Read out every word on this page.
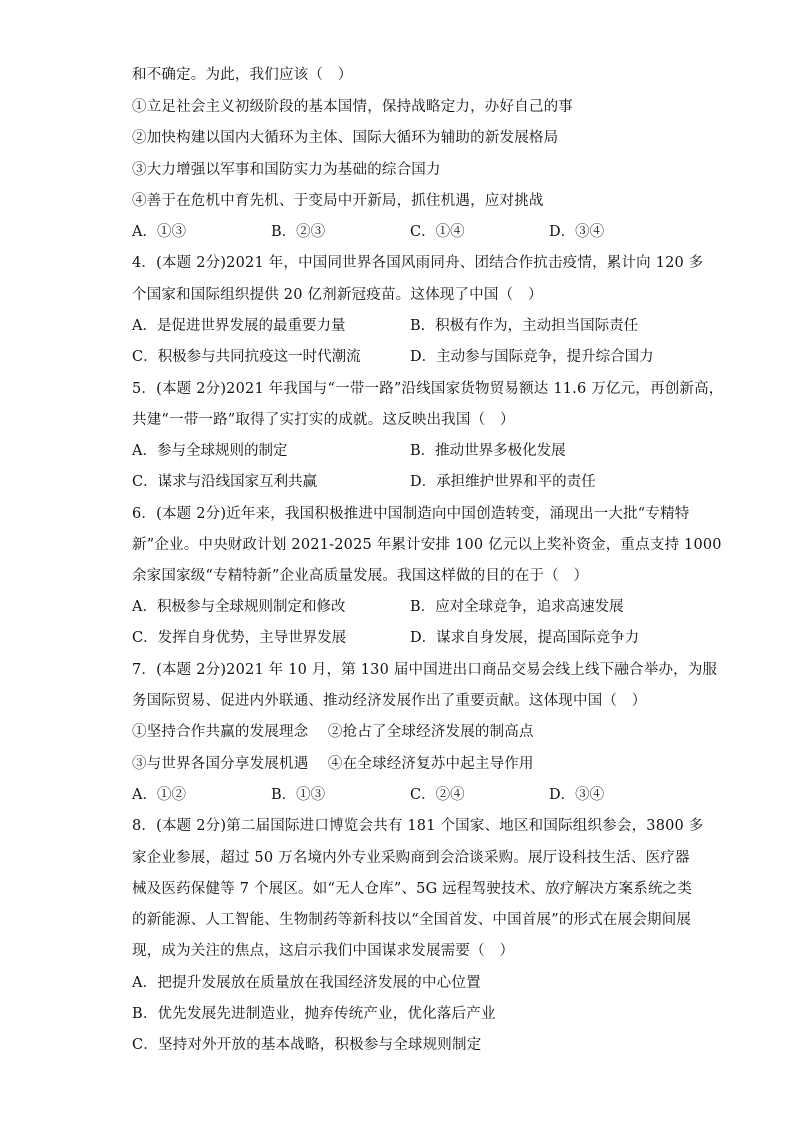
和不确定。为此，我们应该（　）
①立足社会主义初级阶段的基本国情，保持战略定力，办好自己的事
②加快构建以国内大循环为主体、国际大循环为辅助的新发展格局
③大力增强以军事和国防实力为基础的综合国力
④善于在危机中育先机、于变局中开新局，抓住机遇，应对挑战
A．①③	B．②③	C．①④	D．③④
4．(本题 2分)2021 年，中国同世界各国风雨同舟、团结合作抗击疫情，累计向 120 多
个国家和国际组织提供 20 亿剂新冠疫苗。这体现了中国（　）
A．是促进世界发展的最重要力量	B．积极有作为，主动担当国际责任
C．积极参与共同抗疫这一时代潮流	D．主动参与国际竞争，提升综合国力
5．(本题 2分)2021 年我国与“一带一路”沿线国家货物贸易额达 11.6 万亿元，再创新高，
共建“一带一路”取得了实打实的成就。这反映出我国（　）
A．参与全球规则的制定	B．推动世界多极化发展
C．谋求与沿线国家互利共赢	D．承担维护世界和平的责任
6．(本题 2分)近年来，我国积极推进中国制造向中国创造转变，涌现出一大批“专精特
新”企业。中央财政计划 2021-2025 年累计安排 100 亿元以上奖补资金，重点支持 1000
余家国家级“专精特新”企业高质量发展。我国这样做的目的在于（　）
A．积极参与全球规则制定和修改	B．应对全球竞争，追求高速发展
C．发挥自身优势，主导世界发展	D．谋求自身发展，提高国际竞争力
7．(本题 2分)2021 年 10 月，第 130 届中国进出口商品交易会线上线下融合举办，为服
务国际贸易、促进内外联通、推动经济发展作出了重要贡献。这体现中国（　）
①坚持合作共赢的发展理念　 ②抢占了全球经济发展的制高点
③与世界各国分享发展机遇　 ④在全球经济复苏中起主导作用
A．①②	B．①③	C．②④	D．③④
8．(本题 2分)第二届国际进口博览会共有 181 个国家、地区和国际组织参会，3800 多
家企业参展，超过 50 万名境内外专业采购商到会洽谈采购。展厅设科技生活、医疗器
械及医药保健等 7 个展区。如“无人仓库”、5G 远程驾驶技术、放疗解决方案系统之类
的新能源、人工智能、生物制药等新科技以“全国首发、中国首展”的形式在展会期间展
现，成为关注的焦点，这启示我们中国谋求发展需要（　）
A．把提升发展放在质量放在我国经济发展的中心位置
B．优先发展先进制造业，抛弃传统产业，优化落后产业
C．坚持对外开放的基本战略，积极参与全球规则制定
